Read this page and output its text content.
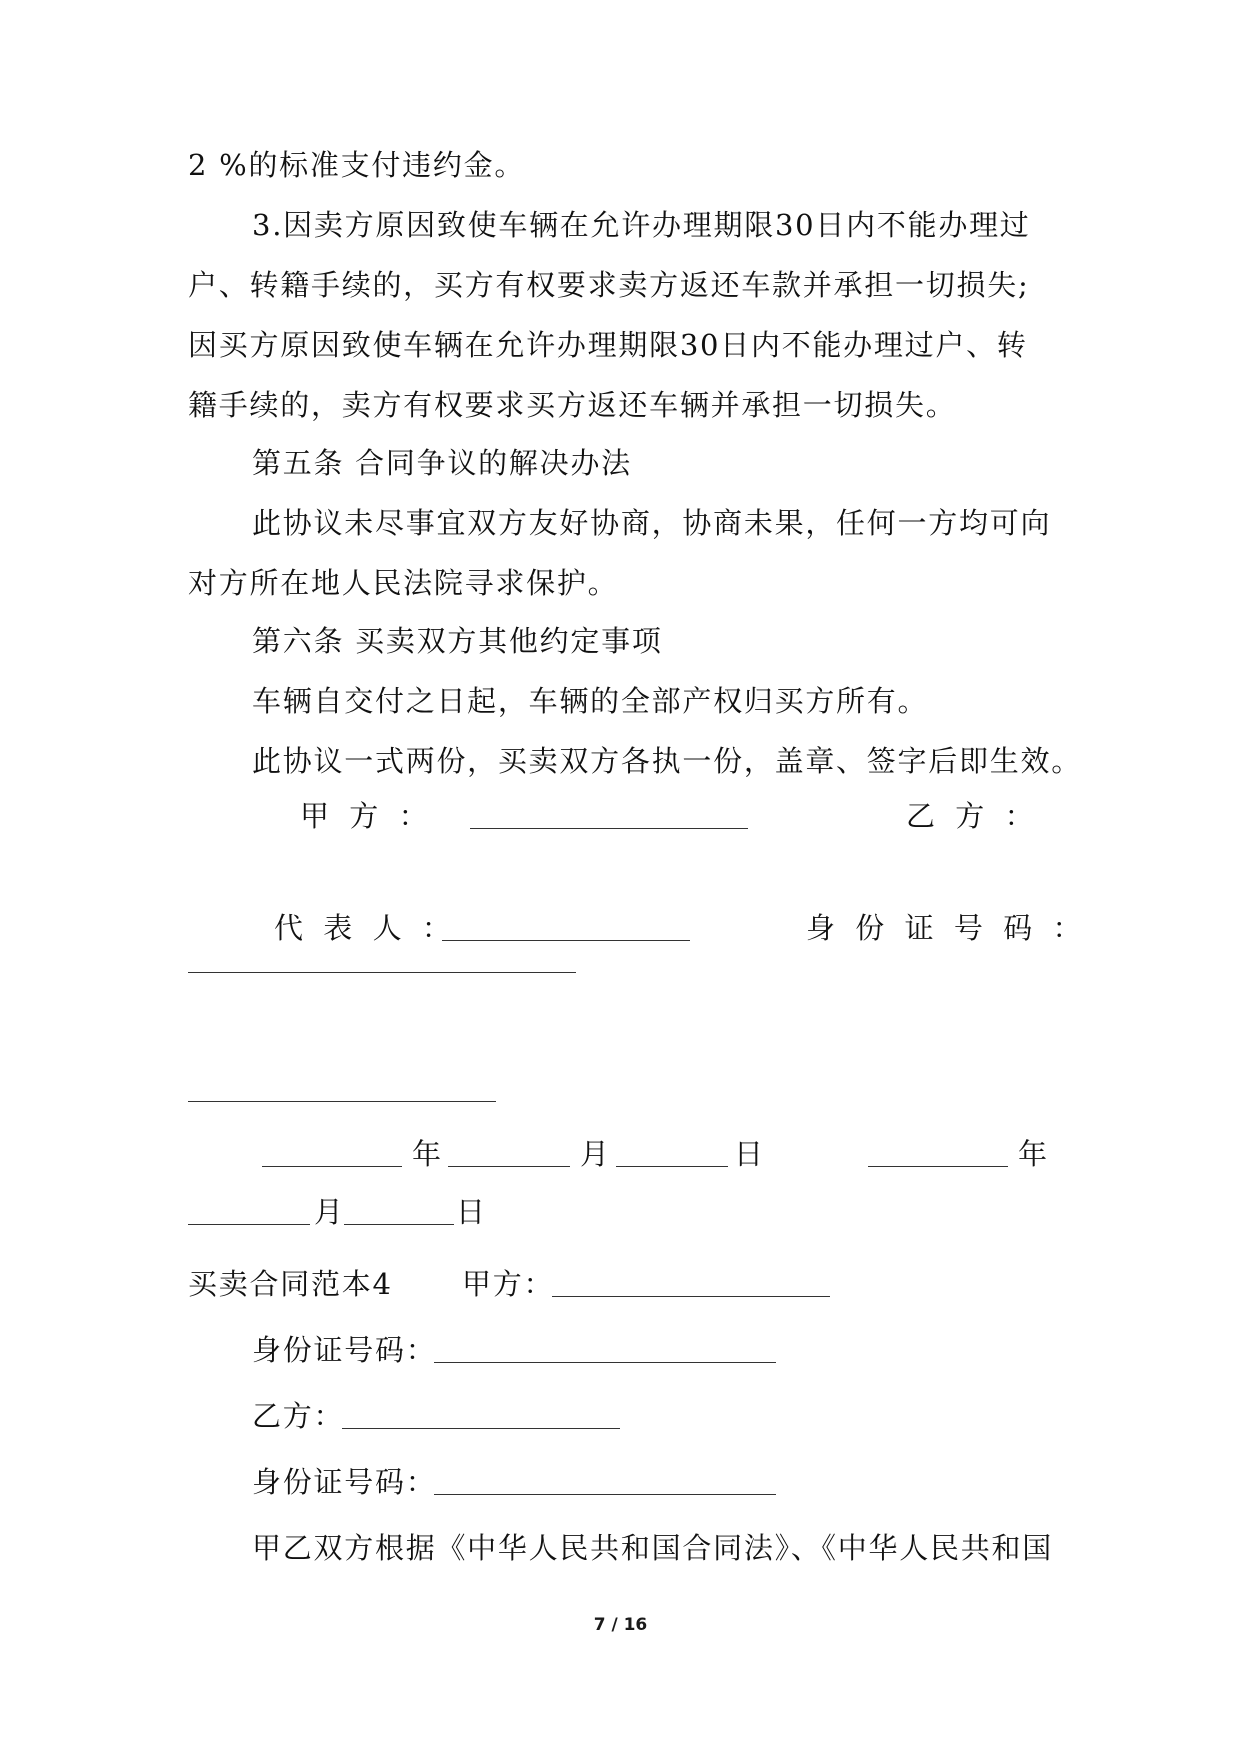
2 %的标准支付违约金。
3.因卖方原因致使车辆在允许办理期限30日内不能办理过
户、转籍手续的，买方有权要求卖方返还车款并承担一切损失;
因买方原因致使车辆在允许办理期限30日内不能办理过户、转
籍手续的，卖方有权要求买方返还车辆并承担一切损失。
第五条 合同争议的解决办法
此协议未尽事宜双方友好协商，协商未果，任何一方均可向
对方所在地人民法院寻求保护。
第六条 买卖双方其他约定事项
车辆自交付之日起，车辆的全部产权归买方所有。
此协议一式两份，买卖双方各执一份，盖章、签字后即生效。
甲方：	乙方：
代表人：	身份证号码：
年	月	日	年
月	日
买卖合同范本4 甲方：
身份证号码：
乙方：
身份证号码：
甲乙双方根据《中华人民共和国合同法》、《中华人民共和国
7 / 16
